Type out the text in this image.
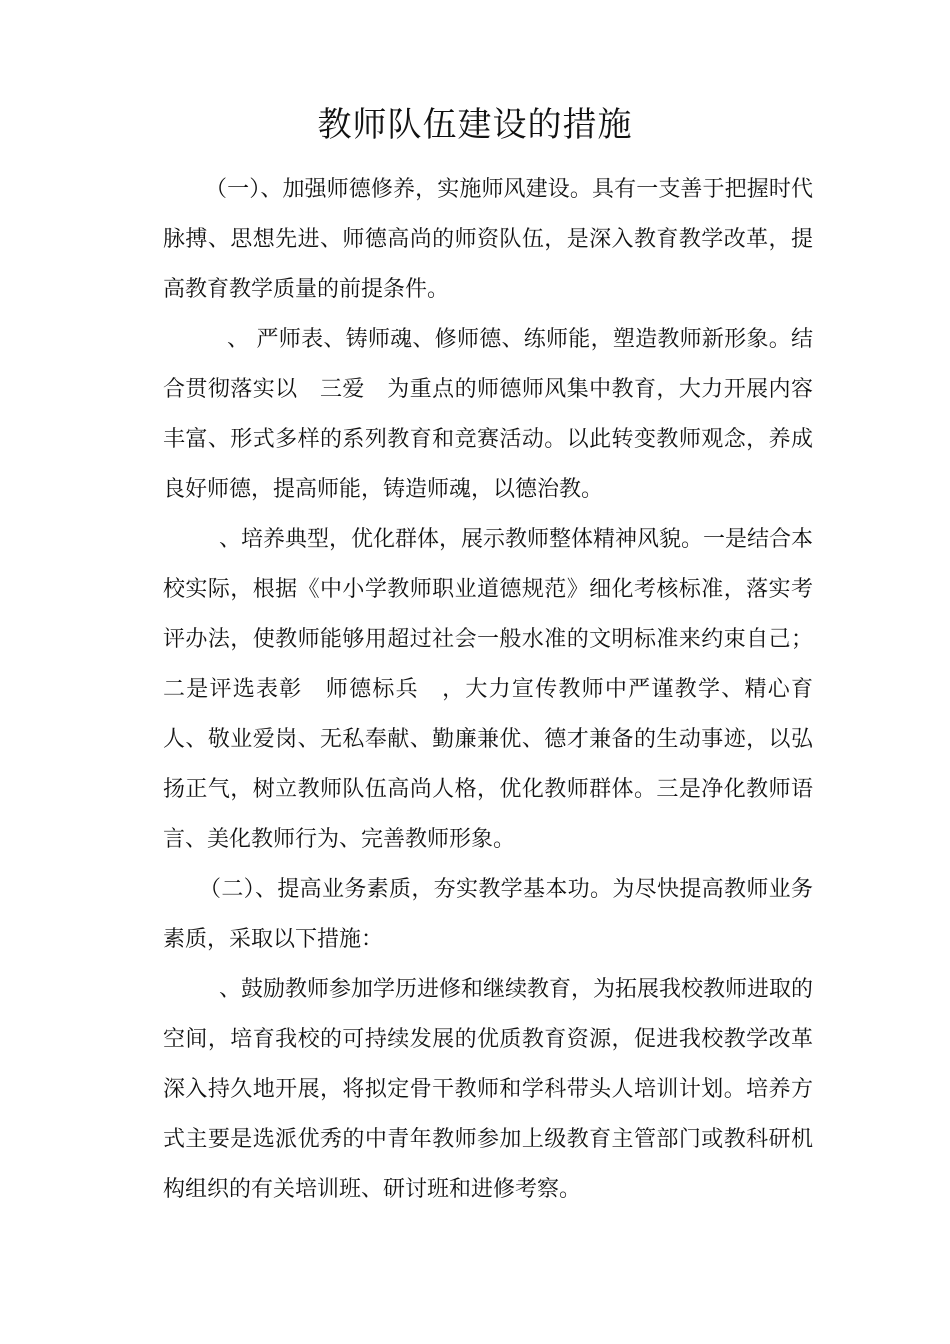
教师队伍建设的措施

（一）、加强师德修养，实施师风建设。具有一支善于把握时代脉搏、思想先进、师德高尚的师资队伍，是深入教育教学改革，提高教育教学质量的前提条件。

、 严师表、铸师魂、修师德、练师能，塑造教师新形象。结合贯彻落实以　三爱　为重点的师德师风集中教育，大力开展内容丰富、形式多样的系列教育和竞赛活动。以此转变教师观念，养成良好师德，提高师能，铸造师魂，以德治教。

、培养典型，优化群体，展示教师整体精神风貌。一是结合本校实际，根据《中小学教师职业道德规范》细化考核标准，落实考评办法，使教师能够用超过社会一般水准的文明标准来约束自己；二是评选表彰　师德标兵　，大力宣传教师中严谨教学、精心育人、敬业爱岗、无私奉献、勤廉兼优、德才兼备的生动事迹，以弘扬正气，树立教师队伍高尚人格，优化教师群体。三是净化教师语言、美化教师行为、完善教师形象。

（二）、提高业务素质，夯实教学基本功。为尽快提高教师业务素质，采取以下措施：

、鼓励教师参加学历进修和继续教育，为拓展我校教师进取的空间，培育我校的可持续发展的优质教育资源，促进我校教学改革深入持久地开展，将拟定骨干教师和学科带头人培训计划。培养方式主要是选派优秀的中青年教师参加上级教育主管部门或教科研机构组织的有关培训班、研讨班和进修考察。
